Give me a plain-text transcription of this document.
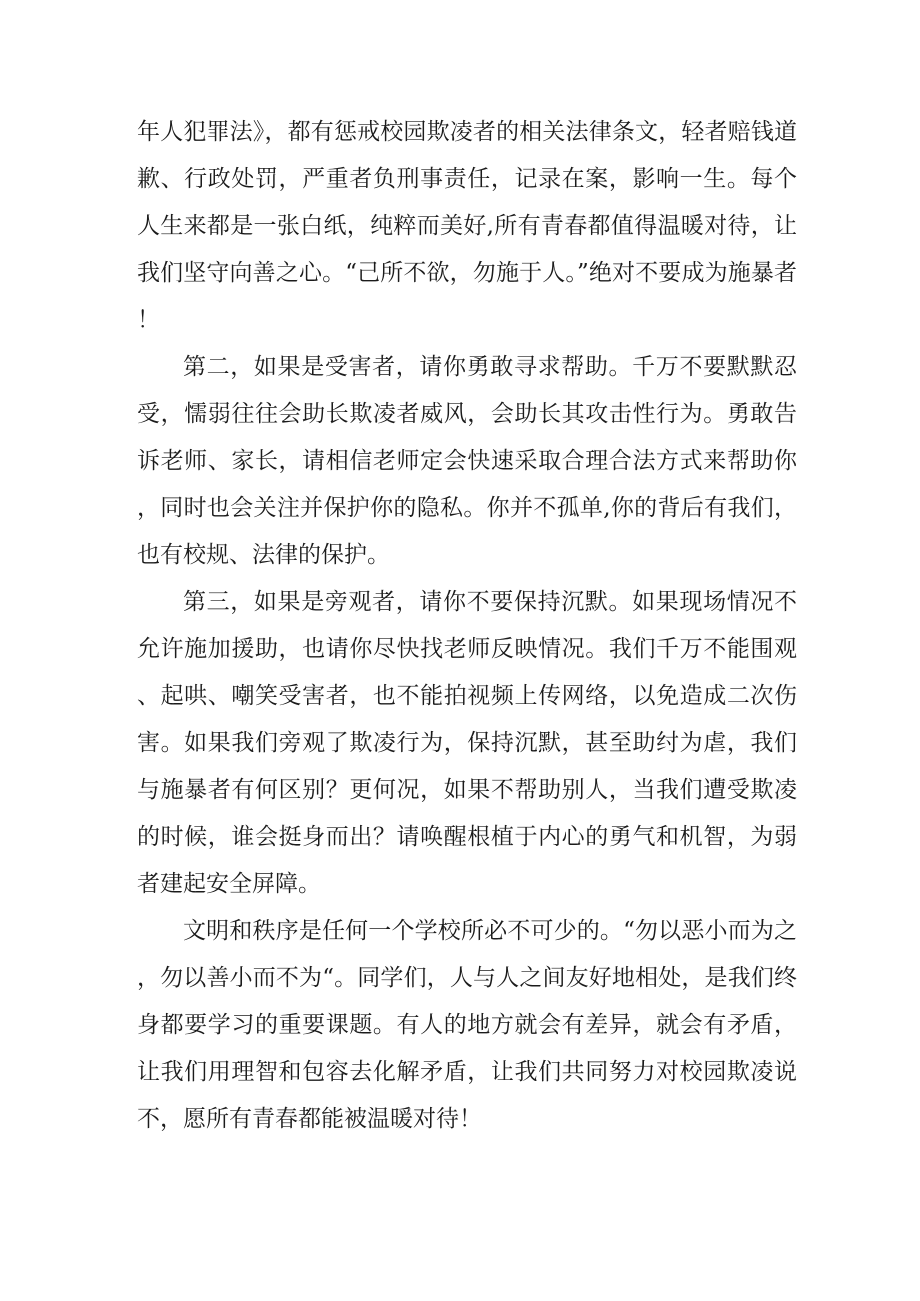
年人犯罪法》，都有惩戒校园欺凌者的相关法律条文，轻者赔钱道歉、行政处罚，严重者负刑事责任，记录在案，影响一生。每个人生来都是一张白纸，纯粹而美好,所有青春都值得温暖对待，让我们坚守向善之心。“己所不欲，勿施于人。”绝对不要成为施暴者！

第二，如果是受害者，请你勇敢寻求帮助。千万不要默默忍受，懦弱往往会助长欺凌者威风，会助长其攻击性行为。勇敢告诉老师、家长，请相信老师定会快速采取合理合法方式来帮助你，同时也会关注并保护你的隐私。你并不孤单,你的背后有我们，也有校规、法律的保护。

第三，如果是旁观者，请你不要保持沉默。如果现场情况不允许施加援助，也请你尽快找老师反映情况。我们千万不能围观、起哄、嘲笑受害者，也不能拍视频上传网络，以免造成二次伤害。如果我们旁观了欺凌行为，保持沉默，甚至助纣为虐，我们与施暴者有何区别？更何况，如果不帮助别人，当我们遭受欺凌的时候，谁会挺身而出？请唤醒根植于内心的勇气和机智，为弱者建起安全屏障。

文明和秩序是任何一个学校所必不可少的。“勿以恶小而为之，勿以善小而不为“。同学们，人与人之间友好地相处，是我们终身都要学习的重要课题。有人的地方就会有差异，就会有矛盾，让我们用理智和包容去化解矛盾，让我们共同努力对校园欺凌说不，愿所有青春都能被温暖对待！
